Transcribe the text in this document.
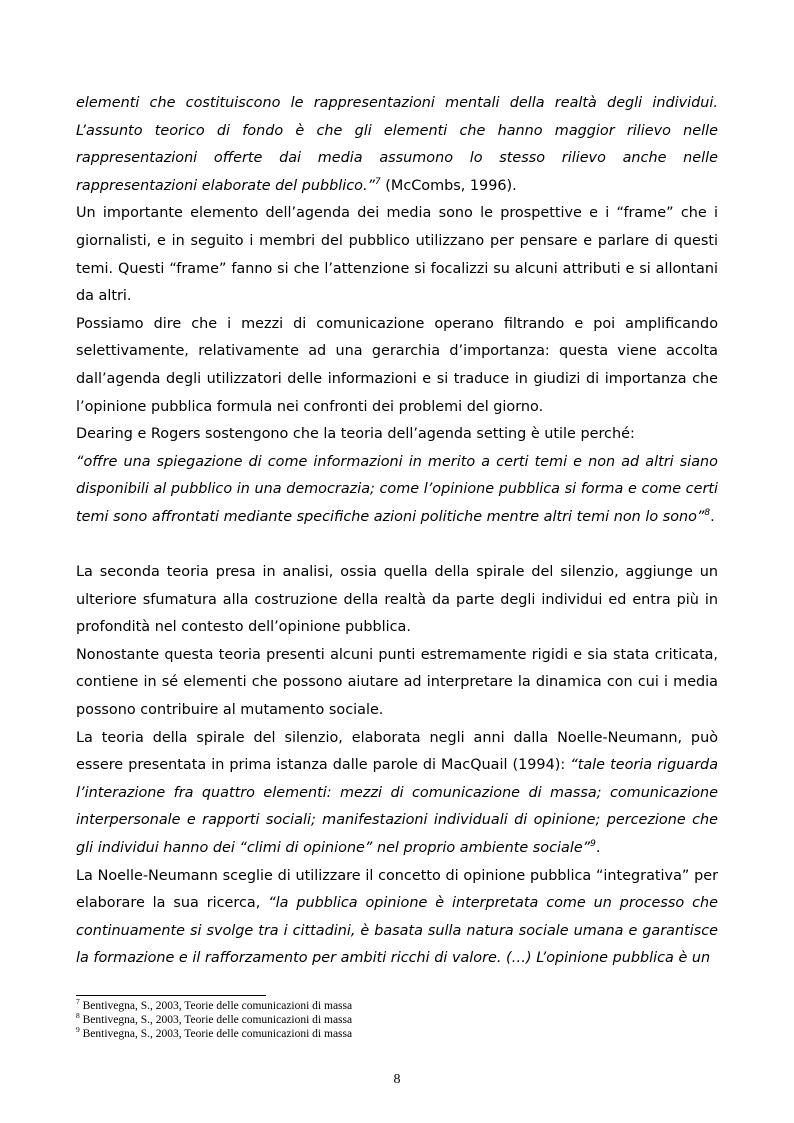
elementi che costituiscono le rappresentazioni mentali della realtà degli individui. L’assunto teorico di fondo è che gli elementi che hanno maggior rilievo nelle rappresentazioni offerte dai media assumono lo stesso rilievo anche nelle rappresentazioni elaborate del pubblico.”$^7$ (McCombs, 1996).

Un importante elemento dell’agenda dei media sono le prospettive e i “frame” che i giornalisti, e in seguito i membri del pubblico utilizzano per pensare e parlare di questi temi. Questi “frame” fanno si che l’attenzione si focalizzi su alcuni attributi e si allontani da altri.

Possiamo dire che i mezzi di comunicazione operano filtrando e poi amplificando selettivamente, relativamente ad una gerarchia d’importanza: questa viene accolta dall’agenda degli utilizzatori delle informazioni e si traduce in giudizi di importanza che l’opinione pubblica formula nei confronti dei problemi del giorno.

Dearing e Rogers sostengono che la teoria dell’agenda setting è utile perché:

“offre una spiegazione di come informazioni in merito a certi temi e non ad altri siano disponibili al pubblico in una democrazia; come l’opinione pubblica si forma e come certi temi sono affrontati mediante specifiche azioni politiche mentre altri temi non lo sono”$^8$.

La seconda teoria presa in analisi, ossia quella della spirale del silenzio, aggiunge un ulteriore sfumatura alla costruzione della realtà da parte degli individui ed entra più in profondità nel contesto dell’opinione pubblica.

Nonostante questa teoria presenti alcuni punti estremamente rigidi e sia stata criticata, contiene in sé elementi che possono aiutare ad interpretare la dinamica con cui i media possono contribuire al mutamento sociale.

La teoria della spirale del silenzio, elaborata negli anni dalla Noelle-Neumann, può essere presentata in prima istanza dalle parole di MacQuail (1994): “tale teoria riguarda l’interazione fra quattro elementi: mezzi di comunicazione di massa; comunicazione interpersonale e rapporti sociali; manifestazioni individuali di opinione; percezione che gli individui hanno dei “climi di opinione” nel proprio ambiente sociale”$^9$.

La Noelle-Neumann sceglie di utilizzare il concetto di opinione pubblica “integrativa” per elaborare la sua ricerca, “la pubblica opinione è interpretata come un processo che continuamente si svolge tra i cittadini, è basata sulla natura sociale umana e garantisce la formazione e il rafforzamento per ambiti ricchi di valore. (…) L’opinione pubblica è un

$^7$ Bentivegna, S., 2003, Teorie delle comunicazioni di massa
$^8$ Bentivegna, S., 2003, Teorie delle comunicazioni di massa
$^9$ Bentivegna, S., 2003, Teorie delle comunicazioni di massa
8
